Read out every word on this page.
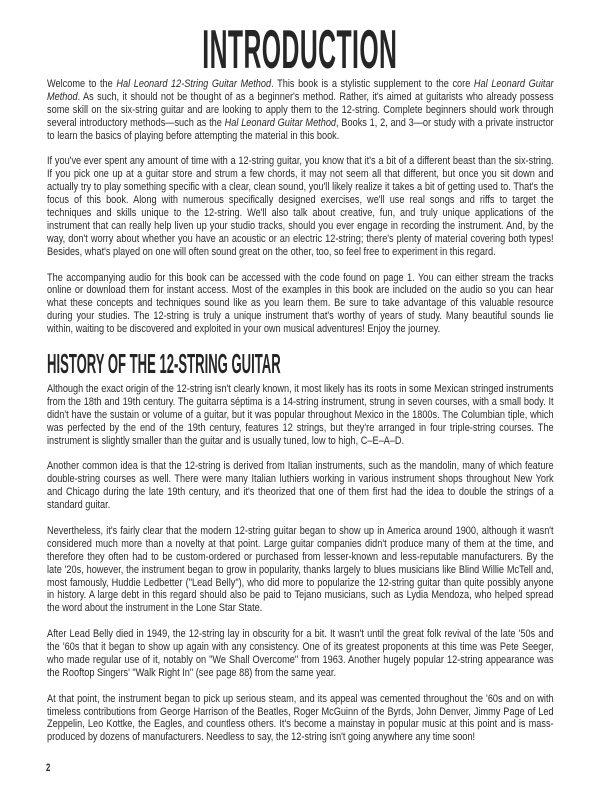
INTRODUCTION

Welcome to the Hal Leonard 12-String Guitar Method. This book is a stylistic supplement to the core Hal Leonard Guitar Method. As such, it should not be thought of as a beginner's method. Rather, it's aimed at guitarists who already possess some skill on the six-string guitar and are looking to apply them to the 12-string. Complete beginners should work through several introductory methods—such as the Hal Leonard Guitar Method, Books 1, 2, and 3—or study with a private instructor to learn the basics of playing before attempting the material in this book.

If you've ever spent any amount of time with a 12-string guitar, you know that it's a bit of a different beast than the six-string. If you pick one up at a guitar store and strum a few chords, it may not seem all that different, but once you sit down and actually try to play something specific with a clear, clean sound, you'll likely realize it takes a bit of getting used to. That's the focus of this book. Along with numerous specifically designed exercises, we'll use real songs and riffs to target the techniques and skills unique to the 12-string. We'll also talk about creative, fun, and truly unique applications of the instrument that can really help liven up your studio tracks, should you ever engage in recording the instrument. And, by the way, don't worry about whether you have an acoustic or an electric 12-string; there's plenty of material covering both types! Besides, what's played on one will often sound great on the other, too, so feel free to experiment in this regard.

The accompanying audio for this book can be accessed with the code found on page 1. You can either stream the tracks online or download them for instant access. Most of the examples in this book are included on the audio so you can hear what these concepts and techniques sound like as you learn them. Be sure to take advantage of this valuable resource during your studies. The 12-string is truly a unique instrument that's worthy of years of study. Many beautiful sounds lie within, waiting to be discovered and exploited in your own musical adventures! Enjoy the journey.

HISTORY OF THE 12-STRING GUITAR

Although the exact origin of the 12-string isn't clearly known, it most likely has its roots in some Mexican stringed instruments from the 18th and 19th century. The guitarra séptima is a 14-string instrument, strung in seven courses, with a small body. It didn't have the sustain or volume of a guitar, but it was popular throughout Mexico in the 1800s. The Columbian tiple, which was perfected by the end of the 19th century, features 12 strings, but they're arranged in four triple-string courses. The instrument is slightly smaller than the guitar and is usually tuned, low to high, C–E–A–D.

Another common idea is that the 12-string is derived from Italian instruments, such as the mandolin, many of which feature double-string courses as well. There were many Italian luthiers working in various instrument shops throughout New York and Chicago during the late 19th century, and it's theorized that one of them first had the idea to double the strings of a standard guitar.

Nevertheless, it's fairly clear that the modern 12-string guitar began to show up in America around 1900, although it wasn't considered much more than a novelty at that point. Large guitar companies didn't produce many of them at the time, and therefore they often had to be custom-ordered or purchased from lesser-known and less-reputable manufacturers. By the late '20s, however, the instrument began to grow in popularity, thanks largely to blues musicians like Blind Willie McTell and, most famously, Huddie Ledbetter ("Lead Belly"), who did more to popularize the 12-string guitar than quite possibly anyone in history. A large debt in this regard should also be paid to Tejano musicians, such as Lydia Mendoza, who helped spread the word about the instrument in the Lone Star State.

After Lead Belly died in 1949, the 12-string lay in obscurity for a bit. It wasn't until the great folk revival of the late '50s and the '60s that it began to show up again with any consistency. One of its greatest proponents at this time was Pete Seeger, who made regular use of it, notably on "We Shall Overcome" from 1963. Another hugely popular 12-string appearance was the Rooftop Singers' "Walk Right In" (see page 88) from the same year.

At that point, the instrument began to pick up serious steam, and its appeal was cemented throughout the '60s and on with timeless contributions from George Harrison of the Beatles, Roger McGuinn of the Byrds, John Denver, Jimmy Page of Led Zeppelin, Leo Kottke, the Eagles, and countless others. It's become a mainstay in popular music at this point and is mass-produced by dozens of manufacturers. Needless to say, the 12-string isn't going anywhere any time soon!

2
